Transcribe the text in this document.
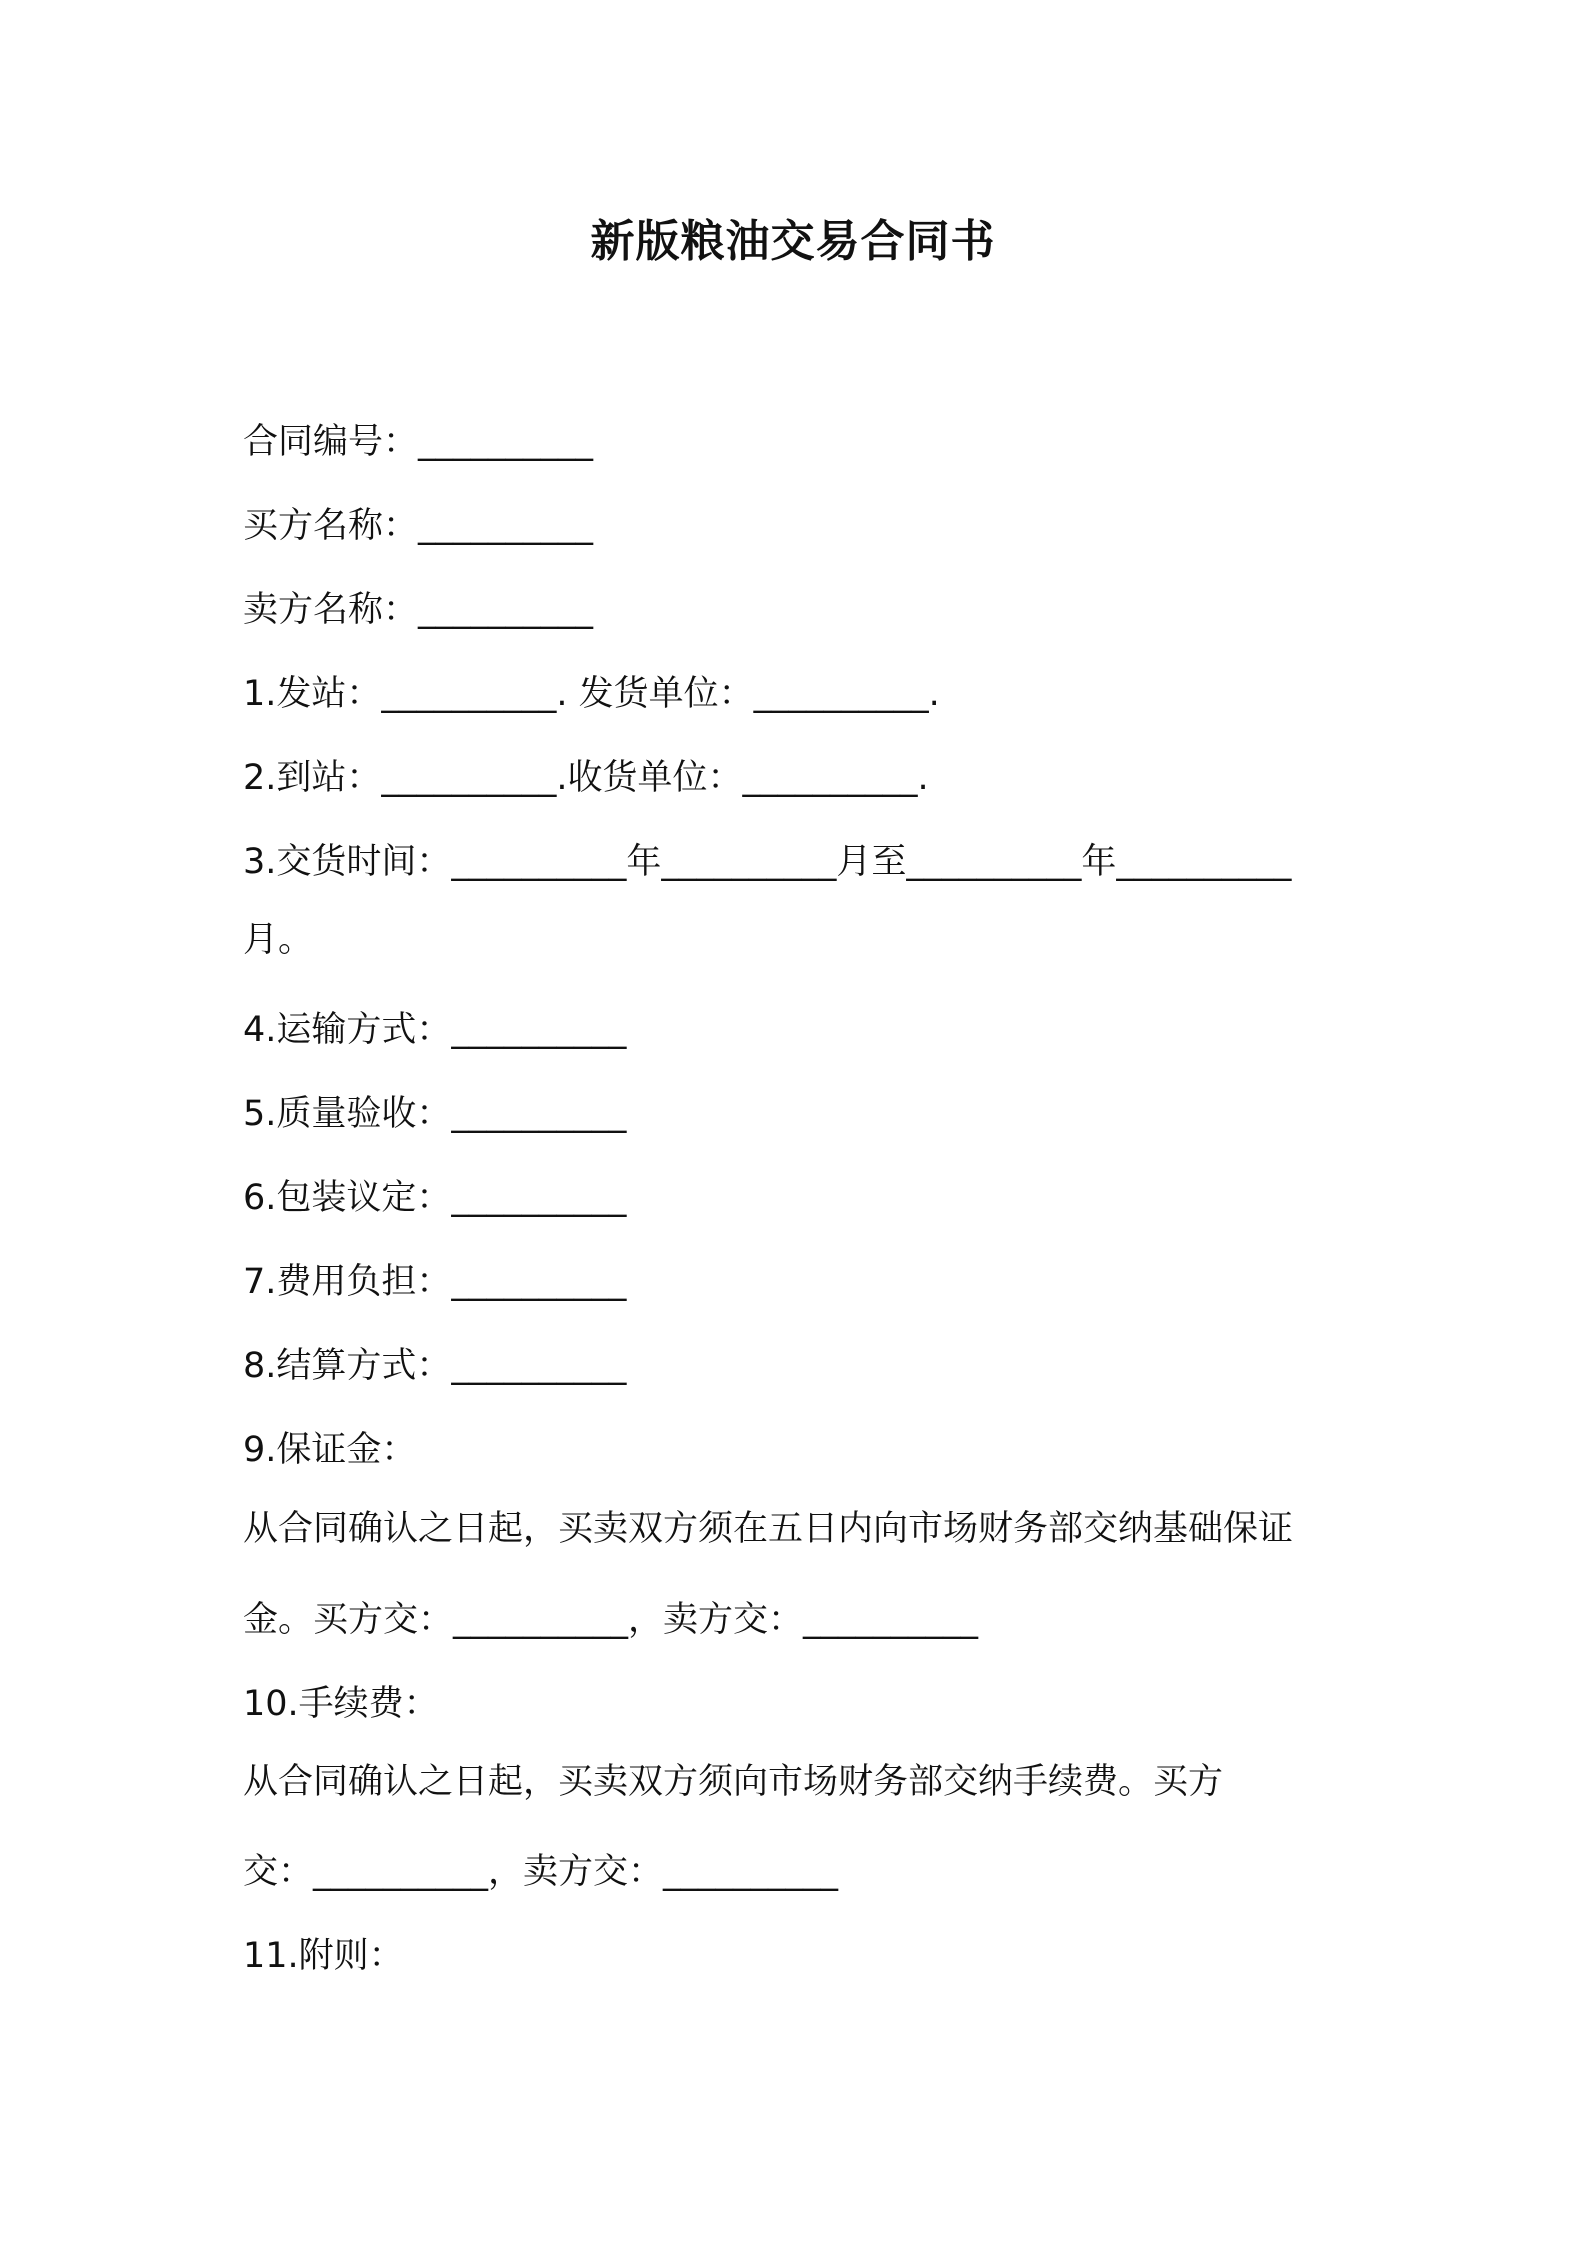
新版粮油交易合同书
合同编号：__________
买方名称：__________
卖方名称：__________
1.发站：__________. 发货单位：__________.
2.到站：__________.收货单位：__________.
3.交货时间：__________年__________月至__________年__________
月。
4.运输方式：__________
5.质量验收：__________
6.包装议定：__________
7.费用负担：__________
8.结算方式：__________
9.保证金：
从合同确认之日起，买卖双方须在五日内向市场财务部交纳基础保证
金。买方交：__________，卖方交：__________
10.手续费：
从合同确认之日起，买卖双方须向市场财务部交纳手续费。买方
交：__________，卖方交：__________
11.附则：
